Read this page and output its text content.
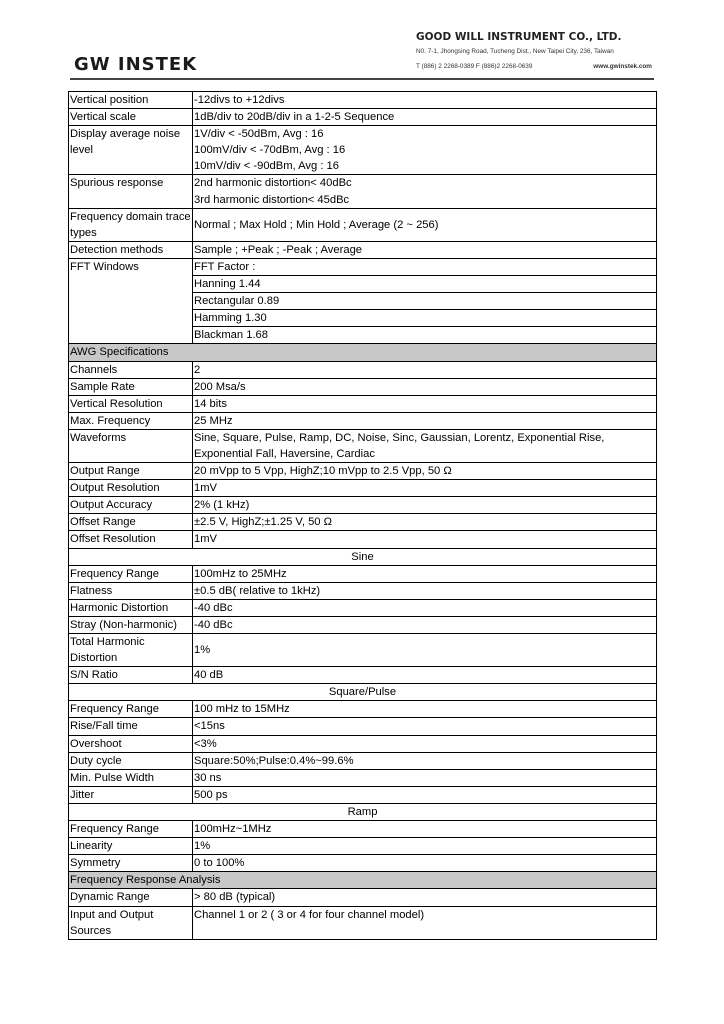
GW INSTEK
GOOD WILL INSTRUMENT CO., LTD.
N0. 7-1, Jhongsing Road, Tucheng Dist., New Taipei City, 236, Taiwan
T (886) 2 2268-0389 F (886)2 2268-0639	www.gwinstek.com
Vertical position	-12divs to +12divs
Vertical scale	1dB/div to 20dB/div in a 1-2-5 Sequence
Display average noise level	1V/div < -50dBm, Avg : 16
100mV/div < -70dBm, Avg : 16
10mV/div < -90dBm, Avg : 16

Spurious response	2nd harmonic distortion< 40dBc
3rd harmonic distortion< 45dBc

Frequency domain trace types	Normal ; Max Hold ; Min Hold ; Average (2 ~ 256)
Detection methods	Sample ; +Peak ; -Peak ; Average
FFT Windows	FFT Factor :
Hanning 1.44
Rectangular 0.89
Hamming 1.30
Blackman 1.68

AWG Specifications	
Channels	2
Sample Rate	200 Msa/s
Vertical Resolution	14 bits
Max. Frequency	25 MHz
Waveforms	Sine, Square, Pulse, Ramp, DC, Noise, Sinc, Gaussian, Lorentz, Exponential Rise,
Exponential Fall, Haversine, Cardiac

Output Range	20 mVpp to 5 Vpp, HighZ;10 mVpp to 2.5 Vpp, 50 Ω
Output Resolution	1mV
Output Accuracy	2% (1 kHz)
Offset Range	±2.5 V, HighZ;±1.25 V, 50 Ω
Offset Resolution	1mV
Sine	
Frequency Range	100mHz to 25MHz
Flatness	±0.5 dB( relative to 1kHz)
Harmonic Distortion	-40 dBc
Stray (Non-harmonic)	-40 dBc
Total Harmonic Distortion	1%
S/N Ratio	40 dB
Square/Pulse	
Frequency Range	100 mHz to 15MHz
Rise/Fall time	<15ns
Overshoot	<3%
Duty cycle	Square:50%;Pulse:0.4%~99.6%
Min. Pulse Width	30 ns
Jitter	500 ps
Ramp	
Frequency Range	100mHz~1MHz
Linearity	1%
Symmetry	0 to 100%
Frequency Response Analysis	
Dynamic Range	> 80 dB (typical)
Input and Output Sources	Channel 1 or 2 ( 3 or 4 for four channel model)
